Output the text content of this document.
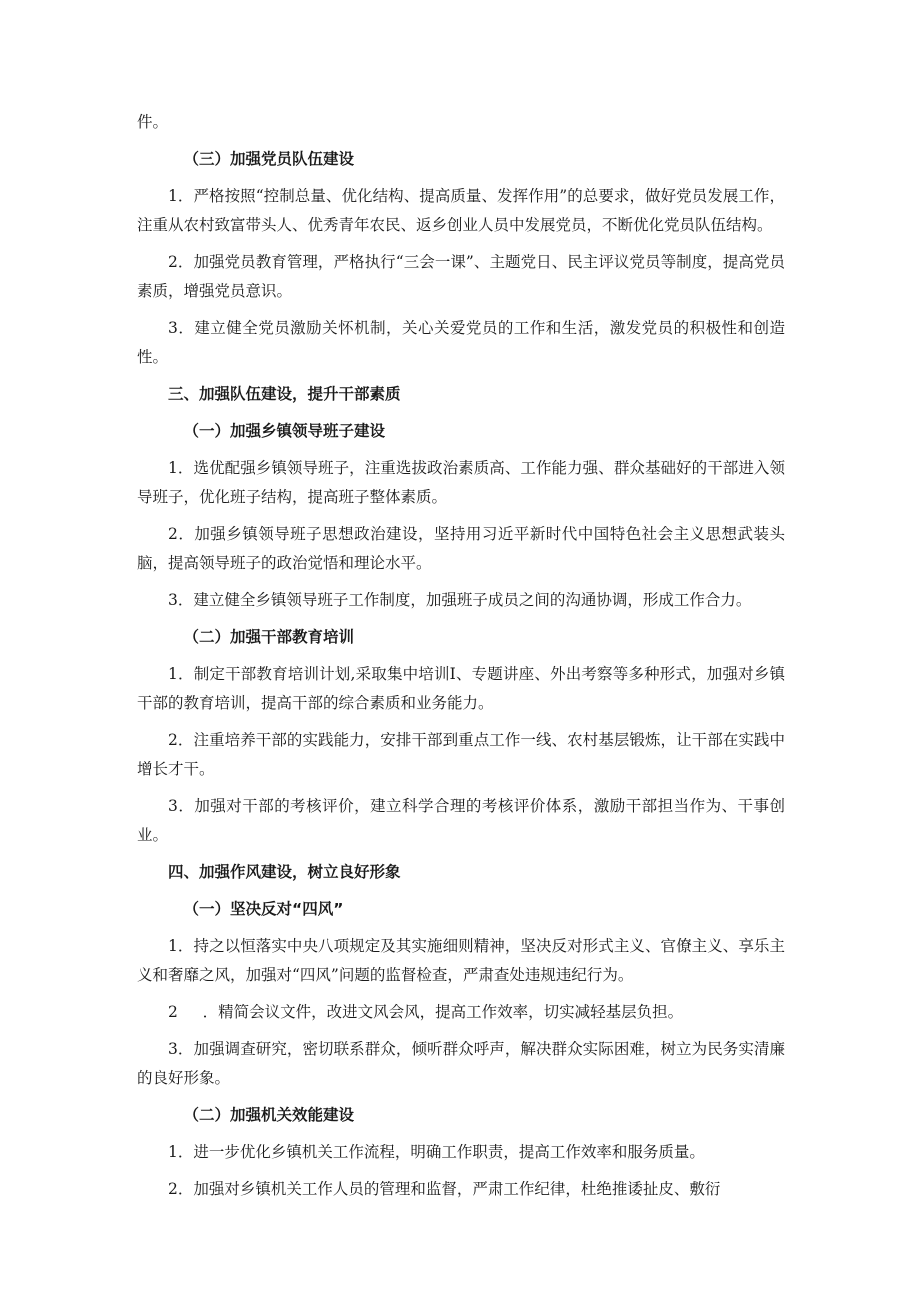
件。

（三）加强党员队伍建设

1．严格按照“控制总量、优化结构、提高质量、发挥作用”的总要求，做好党员发展工作，注重从农村致富带头人、优秀青年农民、返乡创业人员中发展党员，不断优化党员队伍结构。

2．加强党员教育管理，严格执行“三会一课”、主题党日、民主评议党员等制度，提高党员素质，增强党员意识。

3．建立健全党员激励关怀机制，关心关爱党员的工作和生活，激发党员的积极性和创造性。

三、加强队伍建设，提升干部素质

（一）加强乡镇领导班子建设

1．选优配强乡镇领导班子，注重选拔政治素质高、工作能力强、群众基础好的干部进入领导班子，优化班子结构，提高班子整体素质。

2．加强乡镇领导班子思想政治建设，坚持用习近平新时代中国特色社会主义思想武装头脑，提高领导班子的政治觉悟和理论水平。

3．建立健全乡镇领导班子工作制度，加强班子成员之间的沟通协调，形成工作合力。

（二）加强干部教育培训

1．制定干部教育培训计划,采取集中培训I、专题讲座、外出考察等多种形式，加强对乡镇干部的教育培训，提高干部的综合素质和业务能力。

2．注重培养干部的实践能力，安排干部到重点工作一线、农村基层锻炼，让干部在实践中增长才干。

3．加强对干部的考核评价，建立科学合理的考核评价体系，激励干部担当作为、干事创业。

四、加强作风建设，树立良好形象

（一）坚决反对“四风”

1．持之以恒落实中央八项规定及其实施细则精神，坚决反对形式主义、官僚主义、享乐主义和奢靡之风，加强对“四风”问题的监督检查，严肃查处违规违纪行为。

2 ．精简会议文件，改进文风会风，提高工作效率，切实减轻基层负担。

3．加强调查研究，密切联系群众，倾听群众呼声，解决群众实际困难，树立为民务实清廉的良好形象。

（二）加强机关效能建设

1．进一步优化乡镇机关工作流程，明确工作职责，提高工作效率和服务质量。

2．加强对乡镇机关工作人员的管理和监督，严肃工作纪律，杜绝推诿扯皮、敷衍
